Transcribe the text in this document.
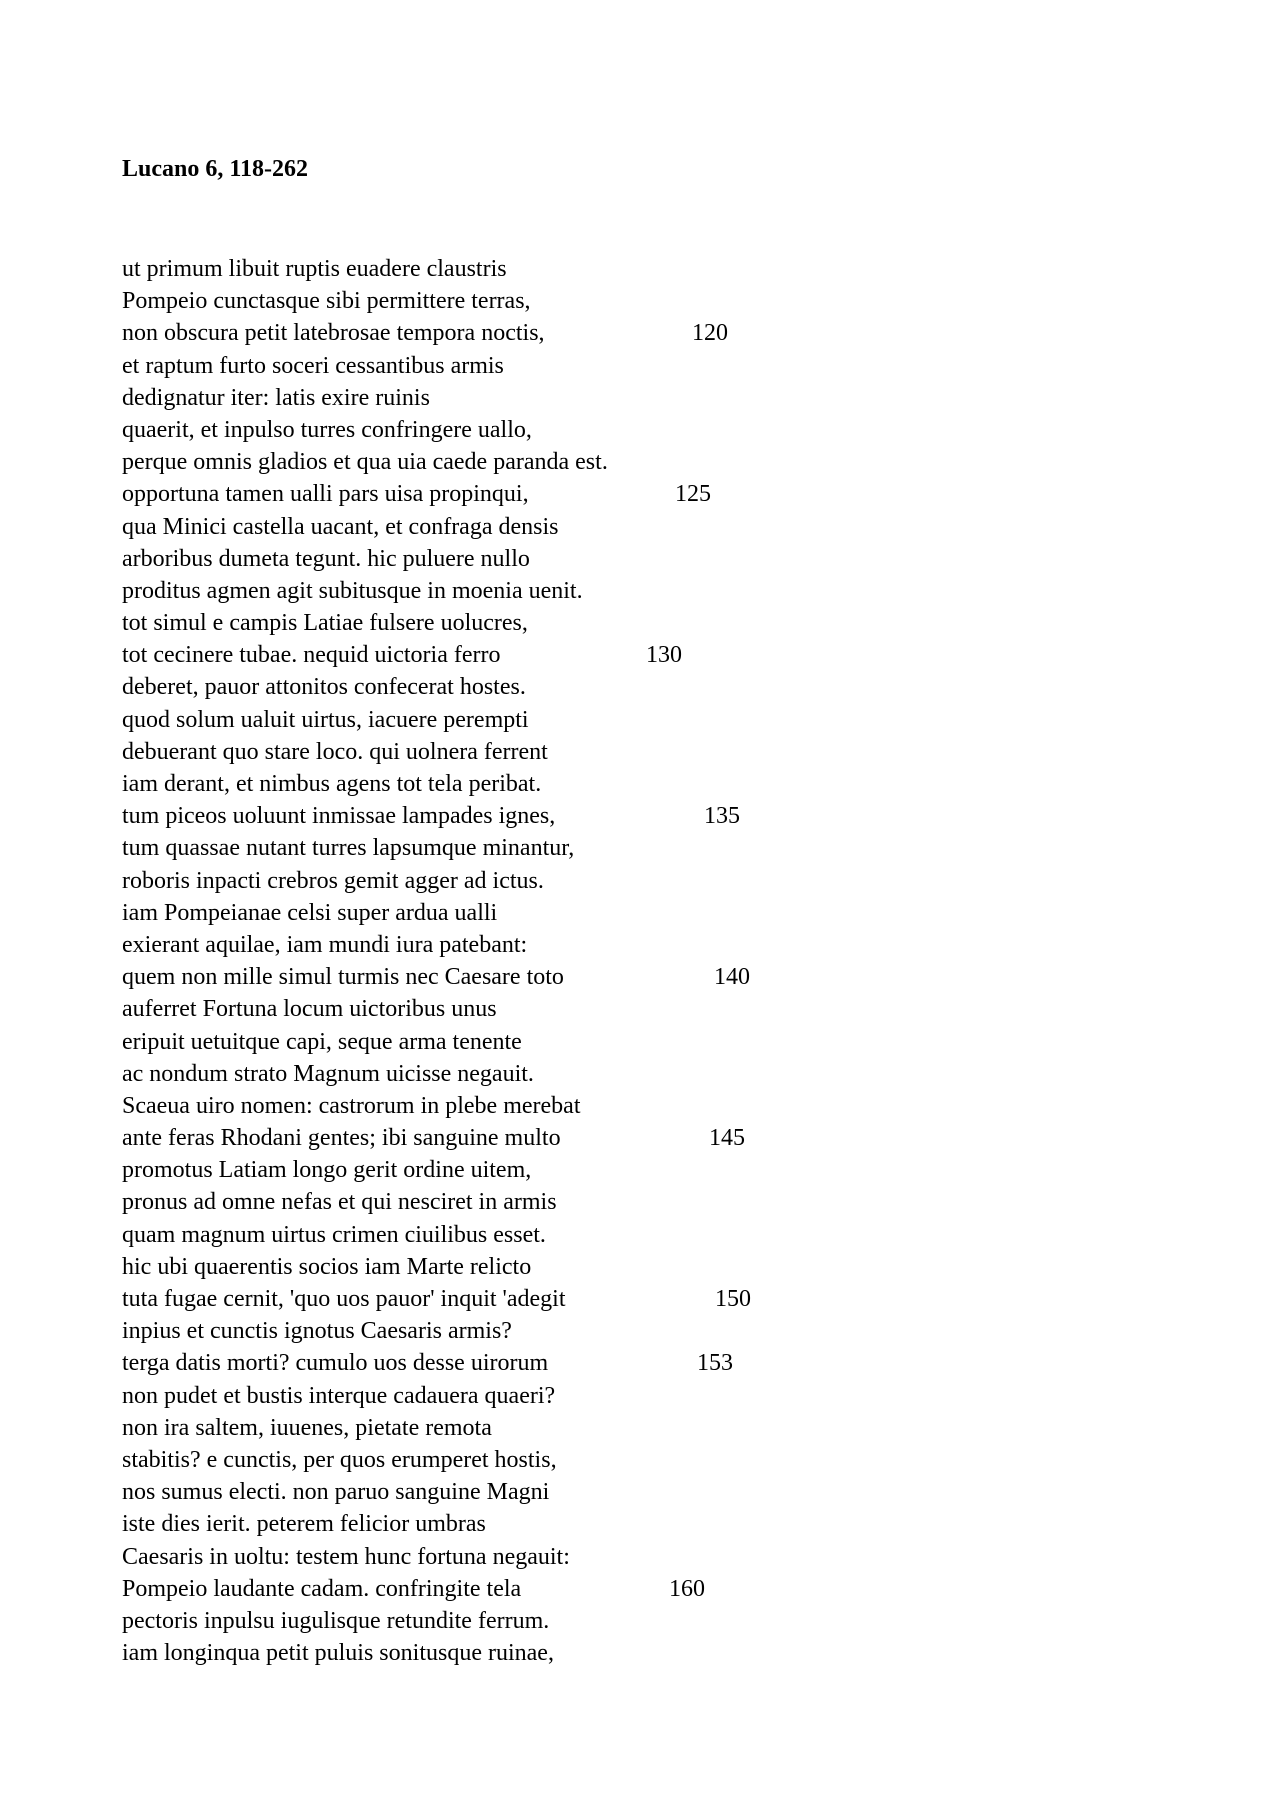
Lucano 6, 118-262
ut primum libuit ruptis euadere claustris
Pompeio cunctasque sibi permittere terras,
non obscura petit latebrosae tempora noctis,	120
et raptum furto soceri cessantibus armis
dedignatur iter: latis exire ruinis
quaerit, et inpulso turres confringere uallo,
perque omnis gladios et qua uia caede paranda est.
opportuna tamen ualli pars uisa propinqui,	125
qua Minici castella uacant, et confraga densis
arboribus dumeta tegunt. hic puluere nullo
proditus agmen agit subitusque in moenia uenit.
tot simul e campis Latiae fulsere uolucres,
tot cecinere tubae. nequid uictoria ferro	130
deberet, pauor attonitos confecerat hostes.
quod solum ualuit uirtus, iacuere perempti
debuerant quo stare loco. qui uolnera ferrent
iam derant, et nimbus agens tot tela peribat.
tum piceos uoluunt inmissae lampades ignes,	135
tum quassae nutant turres lapsumque minantur,
roboris inpacti crebros gemit agger ad ictus.
iam Pompeianae celsi super ardua ualli
exierant aquilae, iam mundi iura patebant:
quem non mille simul turmis nec Caesare toto	140
auferret Fortuna locum uictoribus unus
eripuit uetuitque capi, seque arma tenente
ac nondum strato Magnum uicisse negauit.
Scaeua uiro nomen: castrorum in plebe merebat
ante feras Rhodani gentes; ibi sanguine multo	145
promotus Latiam longo gerit ordine uitem,
pronus ad omne nefas et qui nesciret in armis
quam magnum uirtus crimen ciuilibus esset.
hic ubi quaerentis socios iam Marte relicto
tuta fugae cernit, 'quo uos pauor' inquit 'adegit	150
inpius et cunctis ignotus Caesaris armis?
terga datis morti? cumulo uos desse uirorum	153
non pudet et bustis interque cadauera quaeri?
non ira saltem, iuuenes, pietate remota
stabitis? e cunctis, per quos erumperet hostis,
nos sumus electi. non paruo sanguine Magni
iste dies ierit. peterem felicior umbras
Caesaris in uoltu: testem hunc fortuna negauit:
Pompeio laudante cadam. confringite tela	160
pectoris inpulsu iugulisque retundite ferrum.
iam longinqua petit puluis sonitusque ruinae,
